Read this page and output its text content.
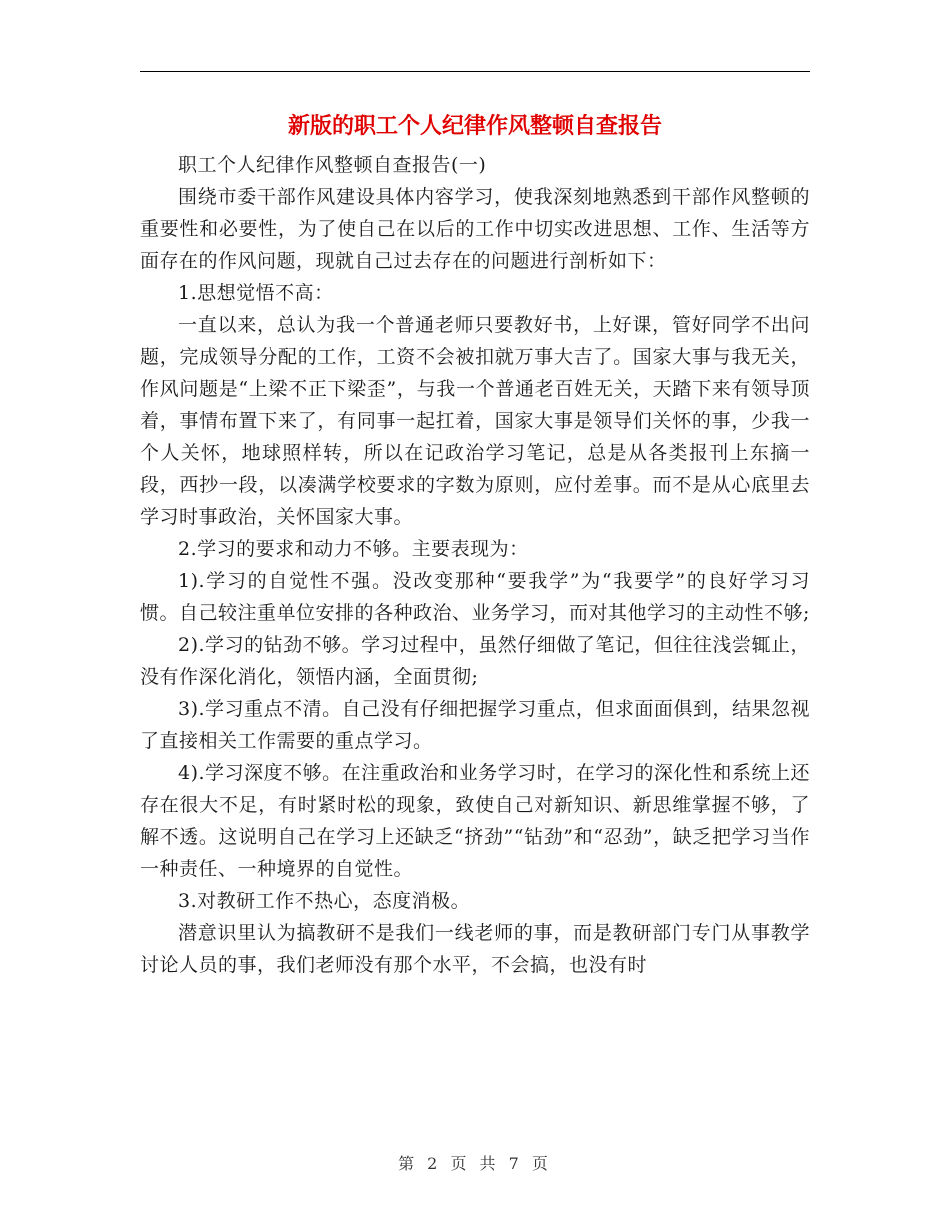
新版的职工个人纪律作风整顿自查报告

职工个人纪律作风整顿自查报告(一)

围绕市委干部作风建设具体内容学习，使我深刻地熟悉到干部作风整顿的重要性和必要性，为了使自己在以后的工作中切实改进思想、工作、生活等方面存在的作风问题，现就自己过去存在的问题进行剖析如下：

1.思想觉悟不高：

一直以来，总认为我一个普通老师只要教好书，上好课，管好同学不出问题，完成领导分配的工作，工资不会被扣就万事大吉了。国家大事与我无关，作风问题是“上梁不正下梁歪”，与我一个普通老百姓无关，天踏下来有领导顶着，事情布置下来了，有同事一起扛着，国家大事是领导们关怀的事，少我一个人关怀，地球照样转，所以在记政治学习笔记，总是从各类报刊上东摘一段，西抄一段，以凑满学校要求的字数为原则，应付差事。而不是从心底里去学习时事政治，关怀国家大事。

2.学习的要求和动力不够。主要表现为：

1).学习的自觉性不强。没改变那种“要我学”为“我要学”的良好学习习惯。自己较注重单位安排的各种政治、业务学习，而对其他学习的主动性不够;

2).学习的钻劲不够。学习过程中，虽然仔细做了笔记，但往往浅尝辄止，没有作深化消化，领悟内涵，全面贯彻;

3).学习重点不清。自己没有仔细把握学习重点，但求面面俱到，结果忽视了直接相关工作需要的重点学习。

4).学习深度不够。在注重政治和业务学习时，在学习的深化性和系统上还存在很大不足，有时紧时松的现象，致使自己对新知识、新思维掌握不够，了解不透。这说明自己在学习上还缺乏“挤劲”“钻劲”和“忍劲”，缺乏把学习当作一种责任、一种境界的自觉性。

3.对教研工作不热心，态度消极。

潜意识里认为搞教研不是我们一线老师的事，而是教研部门专门从事教学讨论人员的事，我们老师没有那个水平，不会搞，也没有时

第 2 页 共 7 页
